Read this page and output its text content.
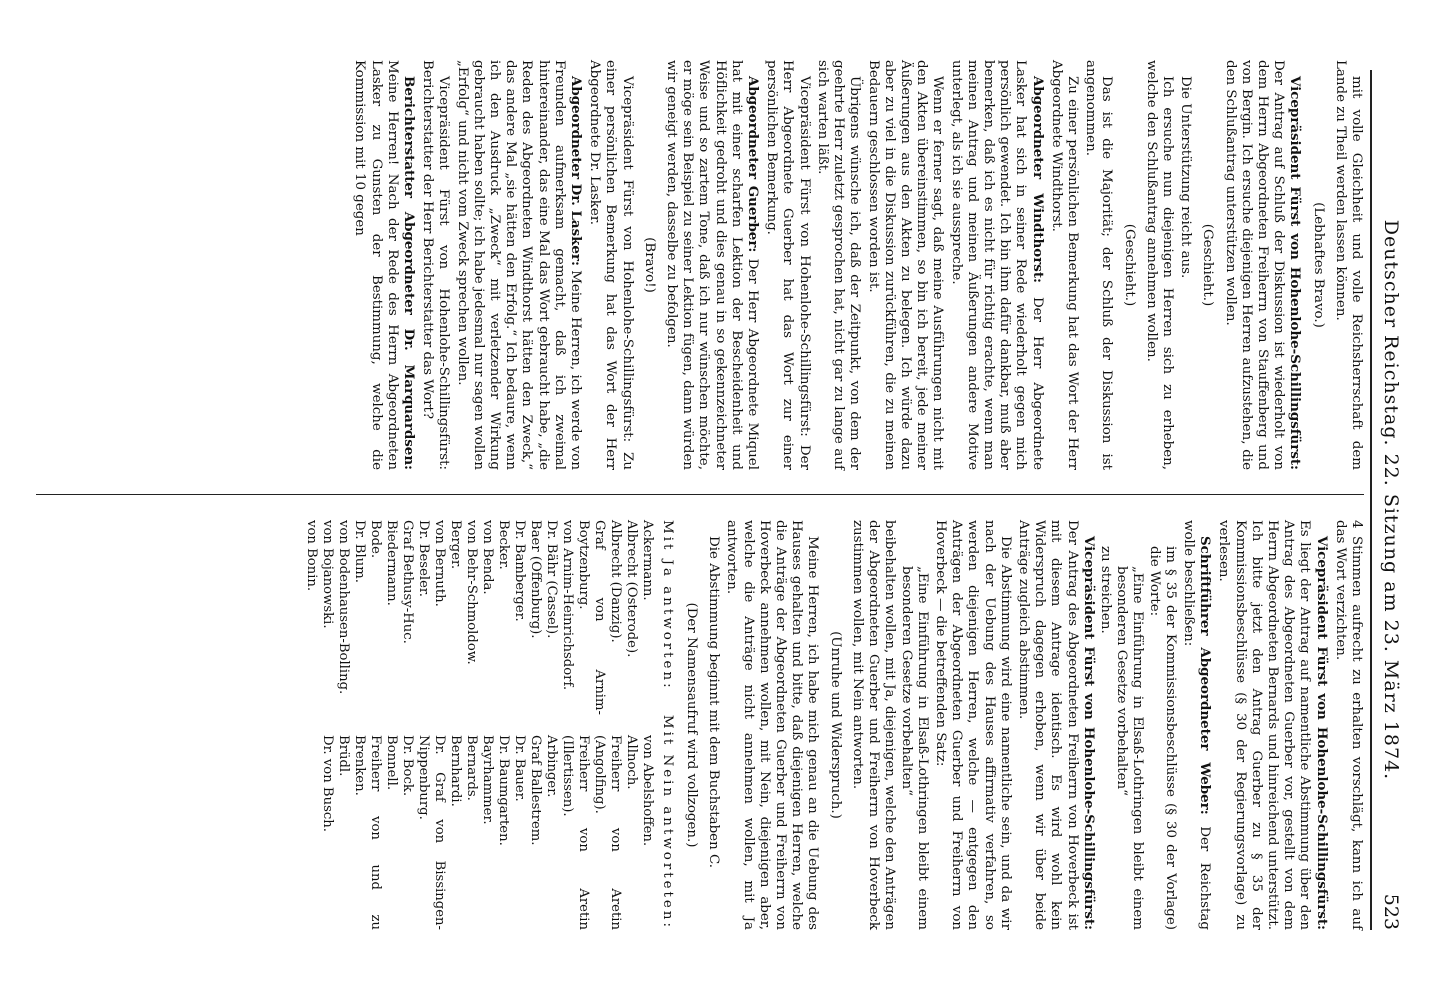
Deutscher Reichstag. 22. Sitzung am 23. März 1874.
523

mit volle Gleichheit und volle Reichsherrschaft dem Lande zu Theil werden lassen können.

(Lebhaftes Bravo.)

Vicepräsident Fürst von Hohenlohe-Schillingsfürst: Der Antrag auf Schluß der Diskussion ist wiederholt von dem Herrn Abgeordneten Freiherrn von Stauffenberg und von Bergin. Ich ersuche diejenigen Herren aufzustehen, die den Schlußantrag unterstützen wollen.

(Geschieht.)

Die Unterstützung reicht aus.

Ich ersuche nun diejenigen Herren sich zu erheben, welche den Schlußantrag annehmen wollen.

(Geschieht.)

Das ist die Majorität; der Schluß der Diskussion ist angenommen.

Zu einer persönlichen Bemerkung hat das Wort der Herr Abgeordnete Windthorst.

Abgeordneter Windthorst: Der Herr Abgeordnete Lasker hat sich in seiner Rede wiederholt gegen mich persönlich gewendet. Ich bin ihm dafür dankbar, muß aber bemerken, daß ich es nicht für richtig erachte, wenn man meinen Antrag und meinen Äußerungen andere Motive unterlegt, als ich sie ausspreche.

Wenn er ferner sagt, daß meine Ausführungen nicht mit den Akten übereinstimmen, so bin ich bereit, jede meiner Äußerungen aus den Akten zu belegen. Ich würde dazu aber zu viel in die Diskussion zurückführen, die zu meinen Bedauern geschlossen worden ist.

Übrigens wünsche ich, daß der Zeitpunkt, von dem der geehrte Herr zuletzt gesprochen hat, nicht gar zu lange auf sich warten läßt.

Vicepräsident Fürst von Hohenlohe-Schillingsfürst: Der Herr Abgeordnete Guerber hat das Wort zur einer persönlichen Bemerkung.

Abgeordneter Guerber: Der Herr Abgeordnete Miquel hat mit einer scharfen Lektion der Bescheidenheit und Höflichkeit gedroht und dies genau in so gekennzeichneter Weise und so zartem Tone, daß ich nur wünschen möchte, er möge sein Beispiel zu seiner Lektion fügen, dann würden wir geneigt werden, dasselbe zu befolgen.

(Bravo!)

Vicepräsident Fürst von Hohenlohe-Schillingsfürst: Zu einer persönlichen Bemerkung hat das Wort der Herr Abgeordnete Dr. Lasker.

Abgeordneter Dr. Lasker: Meine Herren, ich werde von Freunden aufmerksam gemacht, daß ich zweimal hintereinander, das eine Mal das Wort gebraucht habe, „die Reden des Abgeordneten Windthorst hätten den Zweck,“ das andere Mal „sie hätten den Erfolg.“ Ich bedaure, wenn ich den Ausdruck „Zweck“ mit verletzender Wirkung gebraucht haben sollte; ich habe jedesmal nur sagen wollen „Erfolg“ und nicht vom Zweck sprechen wollen.

Vicepräsident Fürst von Hohenlohe-Schillingsfürst: Berichterstatter der Herr Berichterstatter das Wort?

Berichterstatter Abgeordneter Dr. Marquardsen: Meine Herren! Nach der Rede des Herrn Abgeordneten Lasker zu Gunsten der Bestimmung, welche die Kommission mit 10 gegen

4 Stimmen aufrecht zu erhalten vorschlägt, kann ich auf das Wort verzichten.

Vicepräsident Fürst von Hohenlohe-Schillingsfürst: Es liegt der Antrag auf namentliche Abstimmung über den Antrag des Abgeordneten Guerber vor, gestellt von dem Herrn Abgeordneten Bernards und hinreichend unterstützt. Ich bitte jetzt den Antrag Guerber zu § 35 der Kommissionsbeschlüsse (§ 30 der Regierungsvorlage) zu verlesen.

Schriftführer Abgeordneter Weber: Der Reichstag wolle beschließen:

im § 35 der Kommissionsbeschlüsse (§ 30 der Vorlage) die Worte:

„Eine Einführung in Elsaß-Lothringen bleibt einem besonderen Gesetze vorbehalten“

zu streichen.

Vicepräsident Fürst von Hohenlohe-Schillingsfürst: Der Antrag des Abgeordneten Freiherrn von Hoverbeck ist mit diesem Antrage identisch. Es wird wohl kein Widerspruch dagegen erhoben, wenn wir über beide Anträge zugleich abstimmen.

Die Abstimmung wird eine namentliche sein, und da wir nach der Uebung des Hauses affirmativ verfahren, so werden diejenigen Herren, welche — entgegen den Anträgen der Abgeordneten Guerber und Freiherrn von Hoverbeck — die betreffenden Satz:

„Eine Einführung in Elsaß-Lothringen bleibt einem besonderen Gesetze vorbehalten“

beibehalten wollen, mit Ja, diejenigen, welche den Anträgen der Abgeordneten Guerber und Freiherrn von Hoverbeck zustimmen wollen, mit Nein antworten.

(Unruhe und Widerspruch.)

Meine Herren, ich habe mich genau an die Uebung des Hauses gehalten und bitte, daß diejenigen Herren, welche die Anträge der Abgeordneten Guerber und Freiherrn von Hoverbeck annehmen wollen, mit Nein, diejenigen aber, welche die Anträge nicht annehmen wollen, mit Ja antworten.

Die Abstimmung beginnt mit dem Buchstaben C.

(Der Namensaufruf wird vollzogen.)

Mit Ja antworten:
Mit Nein antworteten:
Ackermann.
Albrecht (Osterode).
Albrecht (Danzig).
Graf von Arnim-Boytzenburg.
von Arnim-Heinrichsdorf.
Dr. Bähr (Cassel).
Baer (Offenburg).
Dr. Bamberger.
Becker.
von Benda.
von Behr-Schmoldow.
Berger.
von Bernuth.
Dr. Beseler.
Graf Bethusy-Huc.
Biedermann.
Bode.
Dr. Blum.
von Bodenhausen-Bolling.
von Bojanowski.
von Bonin.
von Abelshoffen.
Allnoch.
Freiherr von Aretin (Angolfing).
Freiherr von Aretin (Illertissen).
Arbinger.
Graf Ballestrem.
Dr. Bauer.
Dr. Baumgarten.
Bayrhammer.
Bernards.
Bernhardi.
Dr. Graf von Bissingen-Nippenburg.
Dr. Bock.
Bonnell.
Freiherr von und zu Brenken.
Brüdl.
Dr. von Busch.
